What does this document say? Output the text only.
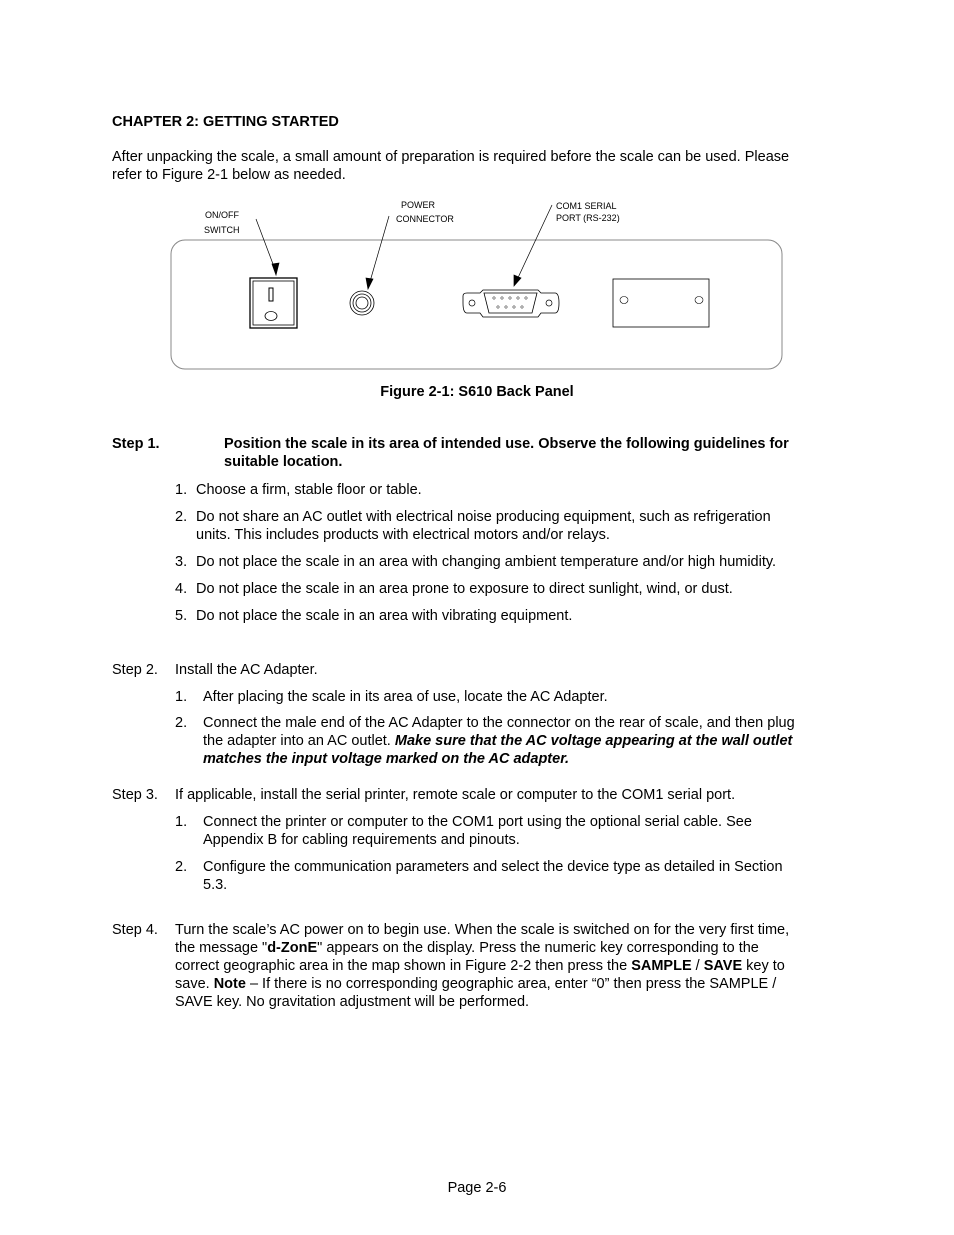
CHAPTER 2: GETTING STARTED
After unpacking the scale, a small amount of preparation is required before the scale can be used. Please
refer to Figure 2-1 below as needed.
ON/OFF
SWITCH
POWER
CONNECTOR
COM1 SERIAL
PORT (RS-232)
Figure 2-1: S610 Back Panel
Step 1.	Position the scale in its area of intended use. Observe the following guidelines for
suitable location.
1. Choose a firm, stable floor or table.
2. Do not share an AC outlet with electrical noise producing equipment, such as refrigeration
units. This includes products with electrical motors and/or relays.
3. Do not place the scale in an area with changing ambient temperature and/or high humidity.
4. Do not place the scale in an area prone to exposure to direct sunlight, wind, or dust.
5. Do not place the scale in an area with vibrating equipment.
Step 2. Install the AC Adapter.
1. After placing the scale in its area of use, locate the AC Adapter.
2. Connect the male end of the AC Adapter to the connector on the rear of scale, and then plug
the adapter into an AC outlet. Make sure that the AC voltage appearing at the wall outlet
matches the input voltage marked on the AC adapter.
Step 3. If applicable, install the serial printer, remote scale or computer to the COM1 serial port.
1. Connect the printer or computer to the COM1 port using the optional serial cable. See
Appendix B for cabling requirements and pinouts.
2. Configure the communication parameters and select the device type as detailed in Section
5.3.
Step 4. Turn the scale’s AC power on to begin use. When the scale is switched on for the very first time,
the message "d-ZonE" appears on the display. Press the numeric key corresponding to the
correct geographic area in the map shown in Figure 2-2 then press the SAMPLE / SAVE key to
save. Note – If there is no corresponding geographic area, enter “0” then press the SAMPLE /
SAVE key. No gravitation adjustment will be performed.
Page 2-6
